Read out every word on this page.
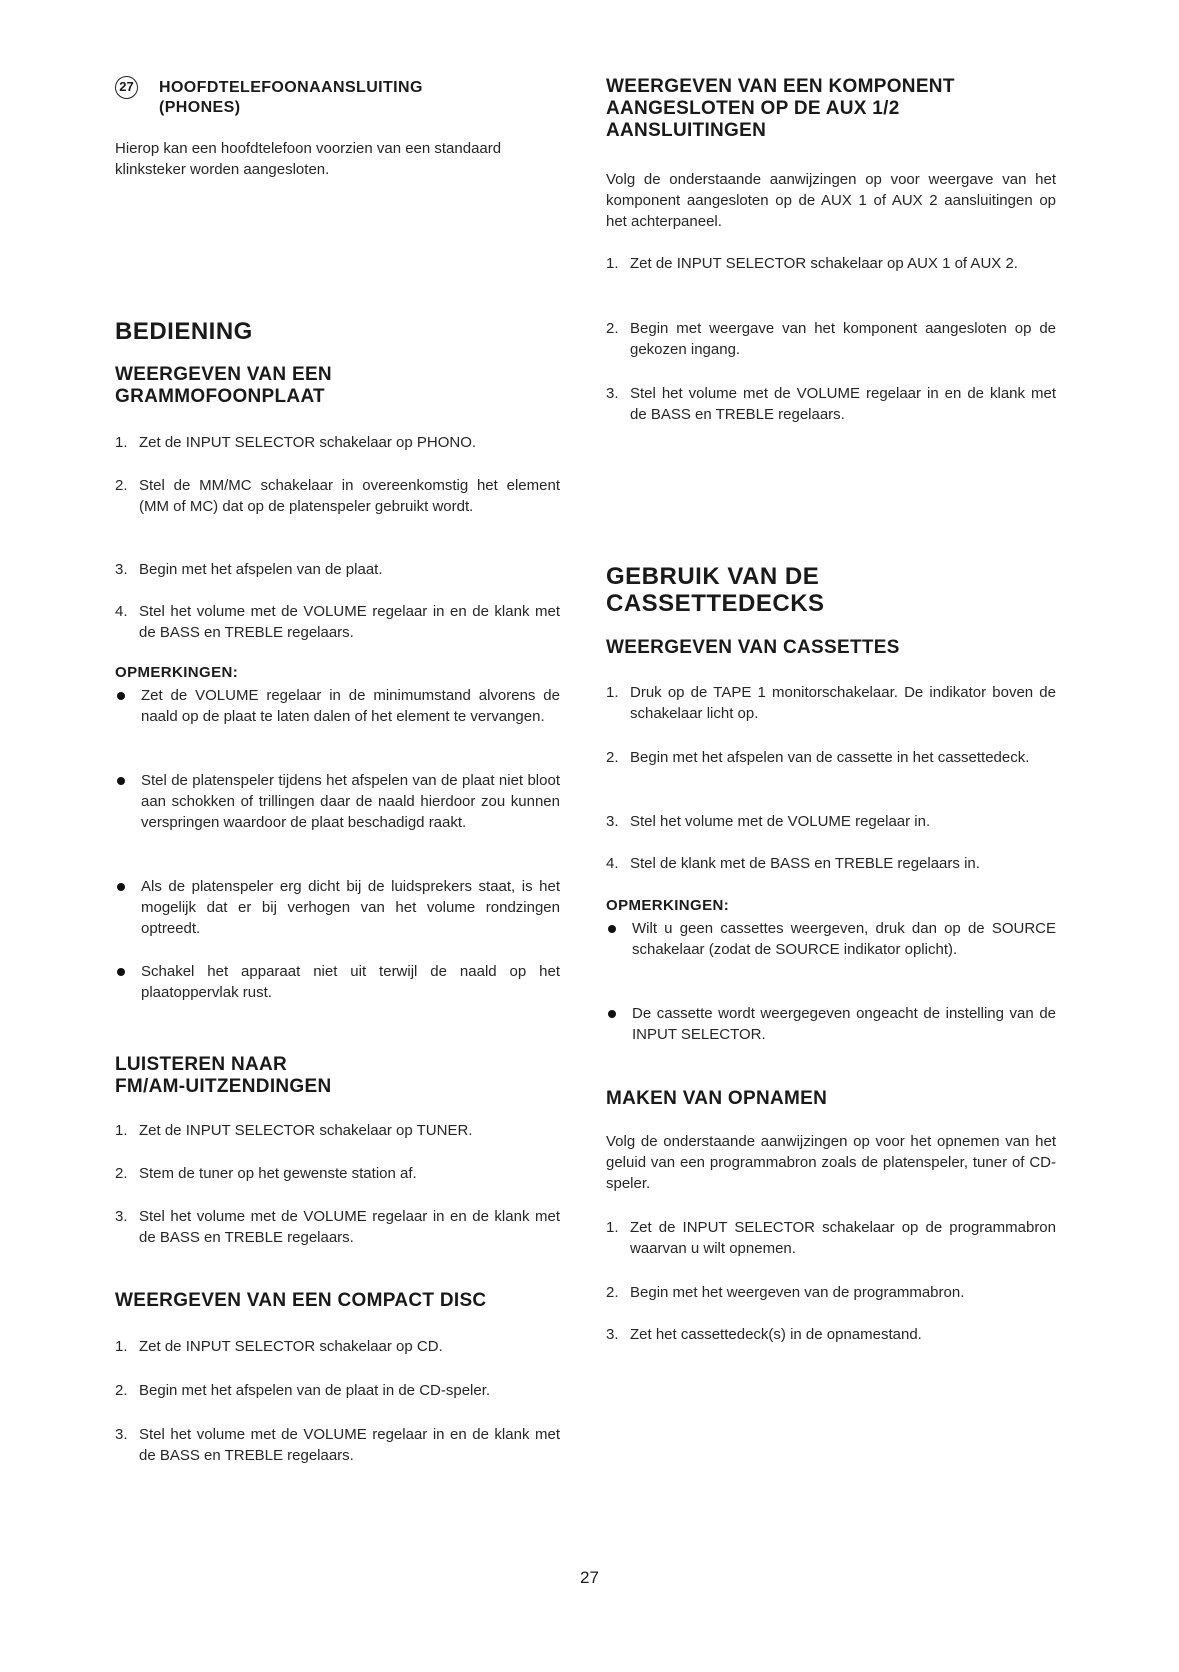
27 HOOFDTELEFOONAANSLUITING
(PHONES)

Hierop kan een hoofdtelefoon voorzien van een standaard klinksteker worden aangesloten.

BEDIENING
WEERGEVEN VAN EEN
GRAMMOFOONPLAAT
1. Zet de INPUT SELECTOR schakelaar op PHONO.
2. Stel de MM/MC schakelaar in overeenkomstig het element (MM of MC) dat op de platenspeler gebruikt wordt.
3. Begin met het afspelen van de plaat.
4. Stel het volume met de VOLUME regelaar in en de klank met de BASS en TREBLE regelaars.
OPMERKINGEN:
Zet de VOLUME regelaar in de minimumstand alvorens de naald op de plaat te laten dalen of het element te vervangen.
Stel de platenspeler tijdens het afspelen van de plaat niet bloot aan schokken of trillingen daar de naald hierdoor zou kunnen verspringen waardoor de plaat beschadigd raakt.
Als de platenspeler erg dicht bij de luidsprekers staat, is het mogelijk dat er bij verhogen van het volume rondzingen optreedt.
Schakel het apparaat niet uit terwijl de naald op het plaatoppervlak rust.
LUISTEREN NAAR
FM/AM-UITZENDINGEN
1. Zet de INPUT SELECTOR schakelaar op TUNER.
2. Stem de tuner op het gewenste station af.
3. Stel het volume met de VOLUME regelaar in en de klank met de BASS en TREBLE regelaars.
WEERGEVEN VAN EEN COMPACT DISC
1. Zet de INPUT SELECTOR schakelaar op CD.
2. Begin met het afspelen van de plaat in de CD-speler.
3. Stel het volume met de VOLUME regelaar in en de klank met de BASS en TREBLE regelaars.
WEERGEVEN VAN EEN KOMPONENT
AANGESLOTEN OP DE AUX 1/2
AANSLUITINGEN

Volg de onderstaande aanwijzingen op voor weergave van het komponent aangesloten op de AUX 1 of AUX 2 aansluitingen op het achterpaneel.

1. Zet de INPUT SELECTOR schakelaar op AUX 1 of AUX 2.
2. Begin met weergave van het komponent aangesloten op de gekozen ingang.
3. Stel het volume met de VOLUME regelaar in en de klank met de BASS en TREBLE regelaars.
GEBRUIK VAN DE
CASSETTEDECKS
WEERGEVEN VAN CASSETTES
1. Druk op de TAPE 1 monitorschakelaar. De indikator boven de schakelaar licht op.
2. Begin met het afspelen van de cassette in het cassettedeck.
3. Stel het volume met de VOLUME regelaar in.
4. Stel de klank met de BASS en TREBLE regelaars in.
OPMERKINGEN:
Wilt u geen cassettes weergeven, druk dan op de SOURCE schakelaar (zodat de SOURCE indikator oplicht).
De cassette wordt weergegeven ongeacht de instelling van de INPUT SELECTOR.
MAKEN VAN OPNAMEN

Volg de onderstaande aanwijzingen op voor het opnemen van het geluid van een programmabron zoals de platenspeler, tuner of CD-speler.

1. Zet de INPUT SELECTOR schakelaar op de programmabron waarvan u wilt opnemen.
2. Begin met het weergeven van de programmabron.
3. Zet het cassettedeck(s) in de opnamestand.
27
